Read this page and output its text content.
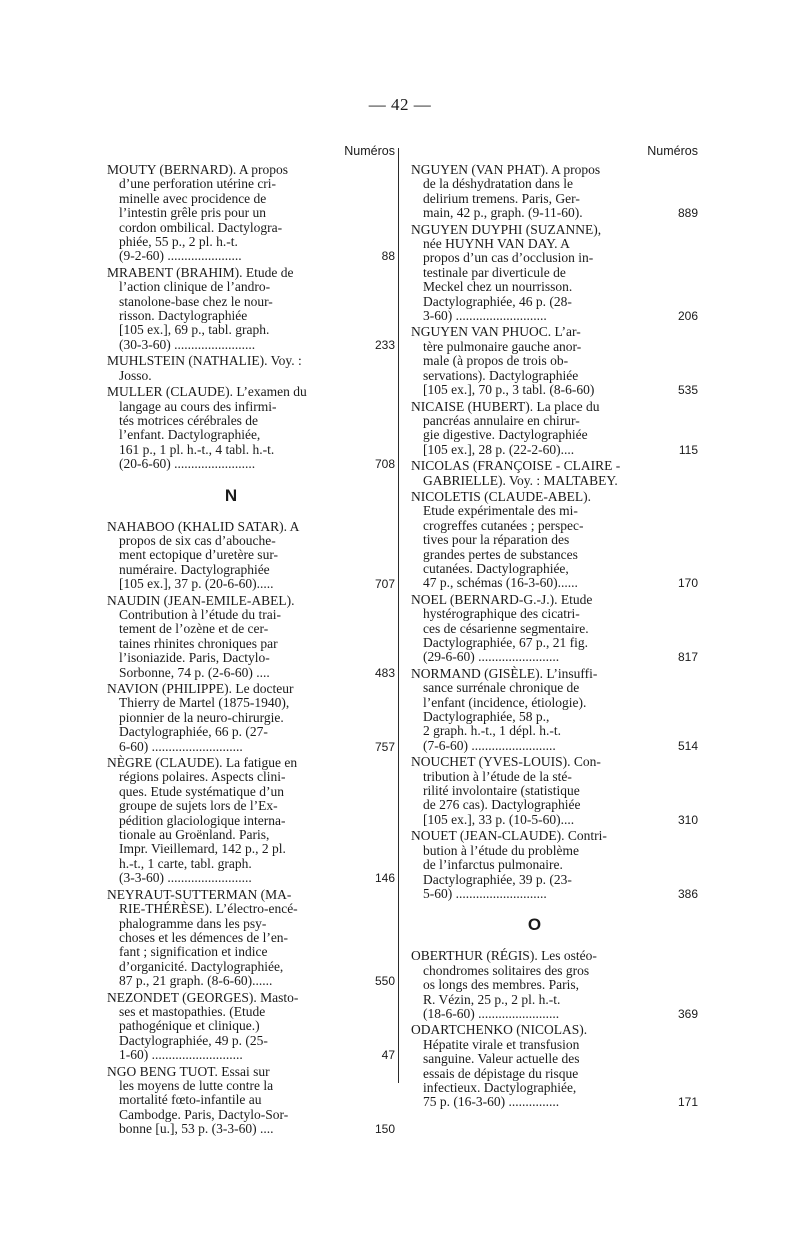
— 42 —
Numéros
MOUTY (BERNARD). A propos
d’une perforation utérine cri-
minelle avec procidence de
l’intestin grêle pris pour un
cordon ombilical. Dactylogra-
phiée, 55 p., 2 pl. h.-t.
(9-2-60) ......................	88
MRABENT (BRAHIM). Etude de
l’action clinique de l’andro-
stanolone-base chez le nour-
risson. Dactylographiée
[105 ex.], 69 p., tabl. graph.
(30-3-60) ........................	233
MUHLSTEIN (NATHALIE). Voy. :
Josso.
MULLER (CLAUDE). L’examen du
langage au cours des infirmi-
tés motrices cérébrales de
l’enfant. Dactylographiée,
161 p., 1 pl. h.-t., 4 tabl. h.-t.
(20-6-60) ........................	708
N
NAHABOO (KHALID SATAR). A
propos de six cas d’abouche-
ment ectopique d’uretère sur-
numéraire. Dactylographiée
[105 ex.], 37 p. (20-6-60).....	707
NAUDIN (JEAN-EMILE-ABEL).
Contribution à l’étude du trai-
tement de l’ozène et de cer-
taines rhinites chroniques par
l’isoniazide. Paris, Dactylo-
Sorbonne, 74 p. (2-6-60) ....	483
NAVION (PHILIPPE). Le docteur
Thierry de Martel (1875-1940),
pionnier de la neuro-chirurgie.
Dactylographiée, 66 p. (27-
6-60) ...........................	757
NÈGRE (CLAUDE). La fatigue en
régions polaires. Aspects clini-
ques. Etude systématique d’un
groupe de sujets lors de l’Ex-
pédition glaciologique interna-
tionale au Groënland. Paris,
Impr. Vieillemard, 142 p., 2 pl.
h.-t., 1 carte, tabl. graph.
(3-3-60) .........................	146
NEYRAUT-SUTTERMAN (MA-
RIE-THÉRÈSE). L’électro-encé-
phalogramme dans les psy-
choses et les démences de l’en-
fant ; signification et indice
d’organicité. Dactylographiée,
87 p., 21 graph. (8-6-60)......	550
NEZONDET (GEORGES). Masto-
ses et mastopathies. (Etude
pathogénique et clinique.)
Dactylographiée, 49 p. (25-
1-60) ...........................	47
NGO BENG TUOT. Essai sur
les moyens de lutte contre la
mortalité fœto-infantile au
Cambodge. Paris, Dactylo-Sor-
bonne [u.], 53 p. (3-3-60) ....	150
Numéros
NGUYEN (VAN PHAT). A propos
de la déshydratation dans le
delirium tremens. Paris, Ger-
main, 42 p., graph. (9-11-60).	889
NGUYEN DUYPHI (SUZANNE),
née HUYNH VAN DAY. A
propos d’un cas d’occlusion in-
testinale par diverticule de
Meckel chez un nourrisson.
Dactylographiée, 46 p. (28-
3-60) ...........................	206
NGUYEN VAN PHUOC. L’ar-
tère pulmonaire gauche anor-
male (à propos de trois ob-
servations). Dactylographiée
[105 ex.], 70 p., 3 tabl. (8-6-60)	535
NICAISE (HUBERT). La place du
pancréas annulaire en chirur-
gie digestive. Dactylographiée
[105 ex.], 28 p. (22-2-60)....	115
NICOLAS (FRANÇOISE - CLAIRE -
GABRIELLE). Voy. : MALTABEY.
NICOLETIS (CLAUDE-ABEL).
Etude expérimentale des mi-
crogreffes cutanées ; perspec-
tives pour la réparation des
grandes pertes de substances
cutanées. Dactylographiée,
47 p., schémas (16-3-60)......	170
NOEL (BERNARD-G.-J.). Etude
hystérographique des cicatri-
ces de césarienne segmentaire.
Dactylographiée, 67 p., 21 fig.
(29-6-60) ........................	817
NORMAND (GISÈLE). L’insuffi-
sance surrénale chronique de
l’enfant (incidence, étiologie).
Dactylographiée, 58 p.,
2 graph. h.-t., 1 dépl. h.-t.
(7-6-60) .........................	514
NOUCHET (YVES-LOUIS). Con-
tribution à l’étude de la sté-
rilité involontaire (statistique
de 276 cas). Dactylographiée
[105 ex.], 33 p. (10-5-60)....	310
NOUET (JEAN-CLAUDE). Contri-
bution à l’étude du problème
de l’infarctus pulmonaire.
Dactylographiée, 39 p. (23-
5-60) ...........................	386
O
OBERTHUR (RÉGIS). Les ostéo-
chondromes solitaires des gros
os longs des membres. Paris,
R. Vézin, 25 p., 2 pl. h.-t.
(18-6-60) ........................	369
ODARTCHENKO (NICOLAS).
Hépatite virale et transfusion
sanguine. Valeur actuelle des
essais de dépistage du risque
infectieux. Dactylographiée,
75 p. (16-3-60) ...............	171
